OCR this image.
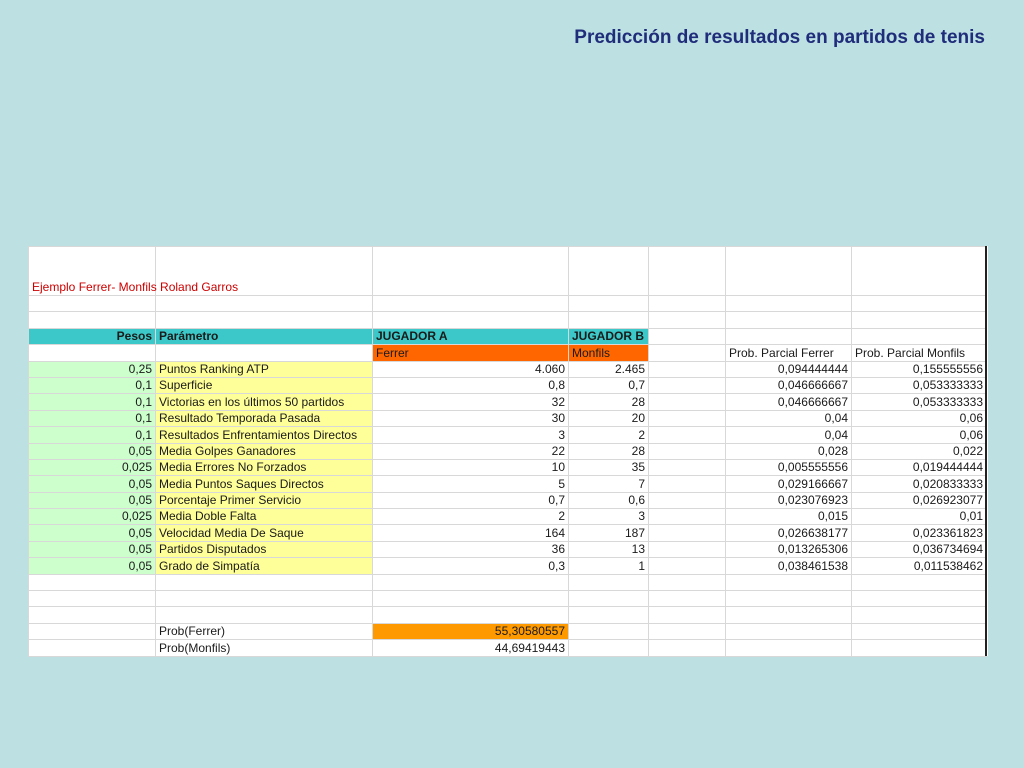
Predicción de resultados en partidos de tenis
Ejemplo Ferrer- Monfils Roland Garros						

Pesos	Parámetro	JUGADOR A	JUGADOR B			
		Ferrer	Monfils		Prob. Parcial Ferrer	Prob. Parcial Monfils
0,25	Puntos Ranking ATP	4.060	2.465		0,094444444	0,155555556
0,1	Superficie	0,8	0,7		0,046666667	0,053333333
0,1	Victorias en los últimos 50 partidos	32	28		0,046666667	0,053333333
0,1	Resultado Temporada Pasada	30	20		0,04	0,06
0,1	Resultados Enfrentamientos Directos	3	2		0,04	0,06
0,05	Media Golpes Ganadores	22	28		0,028	0,022
0,025	Media Errores No Forzados	10	35		0,005555556	0,019444444
0,05	Media Puntos Saques Directos	5	7		0,029166667	0,020833333
0,05	Porcentaje Primer Servicio	0,7	0,6		0,023076923	0,026923077
0,025	Media Doble Falta	2	3		0,015	0,01
0,05	Velocidad Media De Saque	164	187		0,026638177	0,023361823
0,05	Partidos Disputados	36	13		0,013265306	0,036734694
0,05	Grado de Simpatía	0,3	1		0,038461538	0,011538462

	Prob(Ferrer)	55,30580557				
	Prob(Monfils)	44,69419443				
